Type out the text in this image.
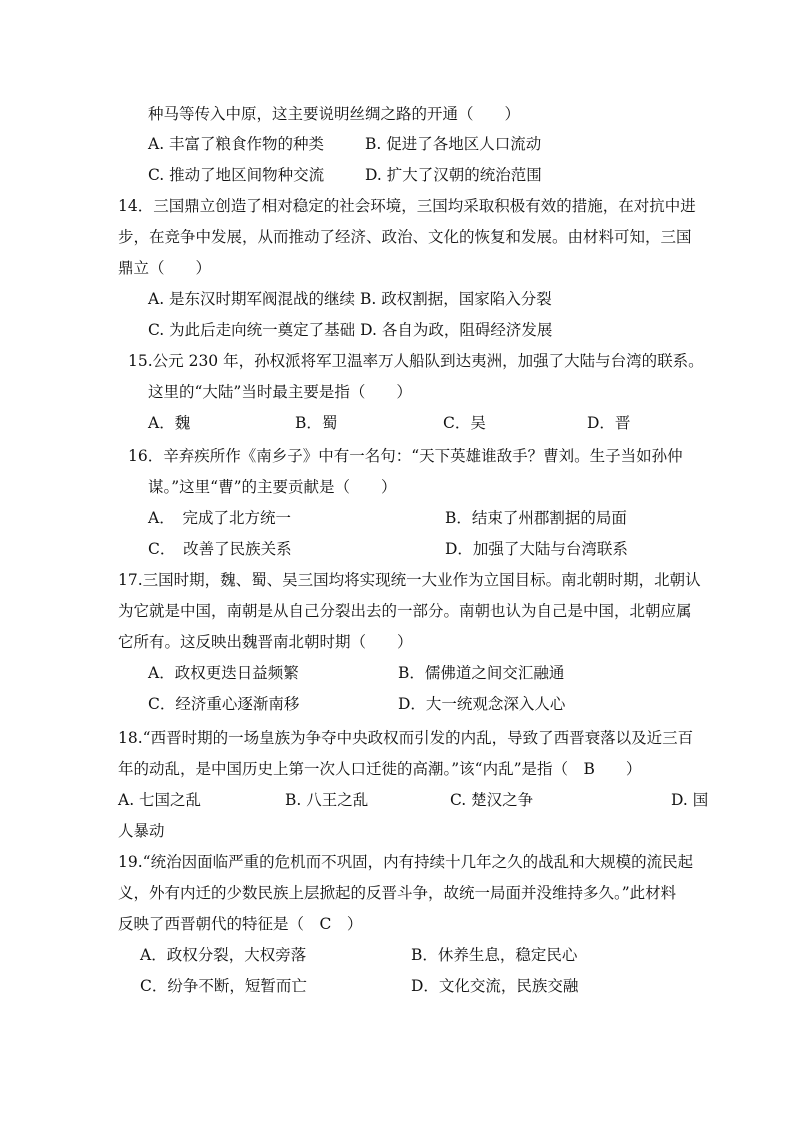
种马等传入中原，这主要说明丝绸之路的开通（　　）
A. 丰富了粮食作物的种类	B. 促进了各地区人口流动
C. 推动了地区间物种交流	D. 扩大了汉朝的统治范围
14．三国鼎立创造了相对稳定的社会环境，三国均采取积极有效的措施，在对抗中进
步，在竞争中发展，从而推动了经济、政治、文化的恢复和发展。由材料可知，三国
鼎立（　　）
A. 是东汉时期军阀混战的继续 B. 政权割据，国家陷入分裂
C. 为此后走向统一奠定了基础 D. 各自为政，阻碍经济发展
15.公元 230 年，孙权派将军卫温率万人船队到达夷洲，加强了大陆与台湾的联系。
这里的“大陆”当时最主要是指（　　）
A．魏	B．蜀	C．吴	D．晋
16．辛弃疾所作《南乡子》中有一名句：“天下英雄谁敌手？曹刘。生子当如孙仲
谋。”这里“曹”的主要贡献是（　　）
A．　完成了北方统一	B．结束了州郡割据的局面
C．　改善了民族关系	D．加强了大陆与台湾联系
17.三国时期，魏、蜀、吴三国均将实现统一大业作为立国目标。南北朝时期，北朝认
为它就是中国，南朝是从自己分裂出去的一部分。南朝也认为自己是中国，北朝应属
它所有。这反映出魏晋南北朝时期（　　）
A．政权更迭日益频繁	B．儒佛道之间交汇融通
C．经济重心逐渐南移	D．大一统观念深入人心
18.“西晋时期的一场皇族为争夺中央政权而引发的内乱，导致了西晋衰落以及近三百
年的动乱，是中国历史上第一次人口迁徙的高潮。”该“内乱”是指（　B　　）
A. 七国之乱	B. 八王之乱	C. 楚汉之争	D. 国
人暴动
19.“统治因面临严重的危机而不巩固，内有持续十几年之久的战乱和大规模的流民起
义，外有内迁的少数民族上层掀起的反晋斗争，故统一局面并没维持多久。”此材料
反映了西晋朝代的特征是（　C　）
A．政权分裂，大权旁落	B．休养生息，稳定民心
C．纷争不断，短暂而亡	D．文化交流，民族交融
